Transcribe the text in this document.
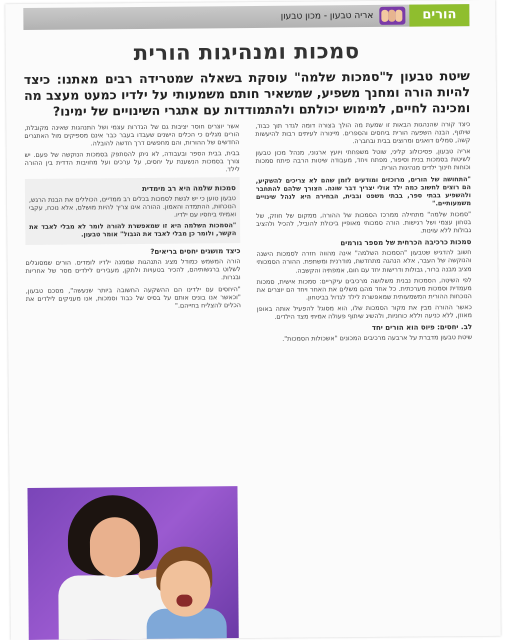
הורים
אריה טבעון - מכון טבעון
סמכות ומנהיגות הורית
שיטת טבעון ל"סמכות שלמה" עוסקת בשאלה שמטרידה רבים מאתנו: כיצד להיות הורה ומחנך משפיע, שמשאיר חותם משמעותי על ילדיו כמעט מעצב מה ומכינה לחיים, למימוש יכולתם ולהתמודדות עם אתגרי השינויים של ימינו?

כיצד קורה שהנהגות הבאות זו שמעת מה הולך בצורה דומה לגדר תוך כבוד, שיתוף, הבנה השפעה הורית ביחסים והספרים. מיינורה לעיתים רבות להיעשות קשה, סמלים דואגים ומרוצים בבית ובחברה.

אריה טבעון, פסיכולוג קליני, שוטל משפחתי ויועץ ארגוני, מנהל מכון טבעון לשיטות בסמכות בנית וסיפור, מפתח ויחד, מעבודה שיטות הרבה פיתח סמכות וכוחות חינוך ילדים מנהיגות הורית.

"התחושה של הורים, מרוכזים ומודעים לזמן שהם לא צריכים להשקיע, הם רוצים לחשוב כמה ילד אולי יצריך דבר שונה. הצורך שלהם להתחבר ולהשפיע בבתי ספר, בבתי משפט ובבית, הבחירה היא לנהל שינויים משמעותיים."

"סמכות שלמה" מתחילה ממרכז הסמכות של ההורה, ממקום של חוזק, של בטחון עצמי ושל רגישות. הורה סמכותי מאופיין ביכולת להוביל, להכיל ולהציב גבולות ללא עוינות.

סמכות כרכיבה הכרחית של מספר גורמים

חשוב להדגיש שטבעון "הסמכות השלמה" אינה מהווה חזרה לסמכות הישנה והנוקשה של העבר, אלא הנהגה מתחדשת, מודרנית ומשתפת. ההורה הסמכותי מציב מבנה ברור, גבולות ודרישות יחד עם חום, אמפתיה והקשבה.

לפי השיטה, הסמכות נבנית משלושה מרכיבים עיקריים: סמכות אישית, סמכות מעמדית וסמכות מערכתית. כל אחד מהם משלים את האחר ויחד הם יוצרים את הנוכחות ההורית המשמעותית שמאפשרת לילד לגדול בביטחון.

כאשר ההורה מבין את מקור הסמכות שלו, הוא מסוגל להפעיל אותה באופן מאוזן, ללא כניעה וללא כוחניות, ולהשיג שיתוף פעולה אמיתי מצד הילדים.

לב. יחסים: פיוס הוא הורים יחד

שיטת טבעון מדברת על ארבעה מרכיבים המכונים "אשכולות הסמכות".

אשר יוצרים חוסר יציבות גם של הגדרות עצמי ושל התנהגות שאינה מקובלת, הורים מגלים כי הכלים הישנים שעבדו בעבר כבר אינם מספיקים מול האתגרים החדשים של ההורות, והם מחפשים דרך חדשה להובלה.

בבית, בבית הספר ובעבודה, לא ניתן להסתפק בסמכות הנוקשה של פעם. יש צורך בסמכות הנשענת על יחסים, על ערכים ועל מחויבות הדדית בין ההורה לילד.

סמכות שלמה היא רב מימדית

טבעון טוען כי יש לגשת לסמכות בכלים רב ממדיים, הכוללים את הבנת הרגש, הנוכחות, ההתמדה והאמון. ההורה אינו צריך להיות מושלם, אלא נוכח, עקבי ואמיתי ביחסיו עם ילדיו.

"הסמכות השלמה היא זו שמאפשרת להורה לומר לא מבלי לאבד את הקשר, ולומר כן מבלי לאבד את הגבול" אומר טבעון.

כיצד מושגים יחסים בריאים?

הורה המשמש כמודל מציג התנהגות שממנה ילדיו לומדים. הורים שמסוגלים לשלוט ברגשותיהם, להכיר בטעויות ולתקן, מעבירים לילדים מסר של אחריות ובגרות.

"היחסים עם ילדינו הם ההשקעה החשובה ביותר שנעשה", מסכם טבעון, "וכאשר אנו בונים אותם על בסיס של כבוד וסמכות, אנו מעניקים לילדים את הכלים להצליח בחייהם."
